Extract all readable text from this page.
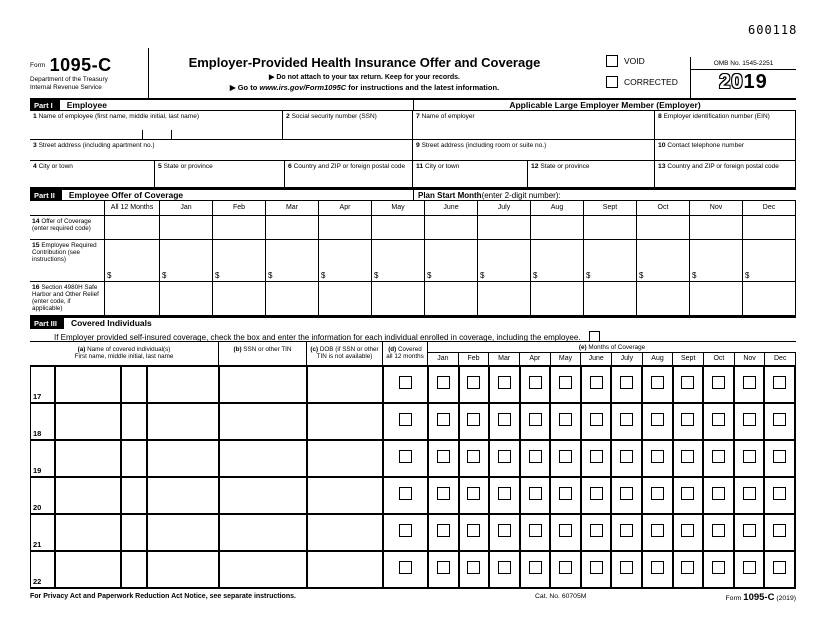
600118
$^{Form}$ 1095-C
Department of the Treasury
Internal Revenue Service
Employer-Provided Health Insurance Offer and Coverage
▶ Do not attach to your tax return. Keep for your records.
▶ Go to www.irs.gov/Form1095C for instructions and the latest information.
VOID
CORRECTED
OMB No. 1545-2251
2019
Part I	Employee	Applicable Large Employer Member (Employer)
1 Name of employee (first name, middle initial, last name)	2 Social security number (SSN)
3 Street address (including apartment no.)
4 City or town	5 State or province	6 Country and ZIP or foreign postal code
7 Name of employer	8 Employer identification number (EIN)
9 Street address (including room or suite no.)	10 Contact telephone number
11 City or town	12 State or province	13 Country and ZIP or foreign postal code
Part II	Employee Offer of Coverage	Plan Start Month (enter 2-digit number):
All 12 Months	Jan	Feb	Mar	Apr	May	June	July	Aug	Sept	Oct	Nov	Dec
14 Offer of Coverage (enter required code)
15 Employee Required Contribution (see instructions)
$	$	$	$	$	$	$	$	$	$	$	$	$
16 Section 4980H Safe Harbor and Other Relief (enter code, if applicable)
Part III	Covered Individuals
If Employer provided self-insured coverage, check the box and enter the information for each individual enrolled in coverage, including the employee.
(a) Name of covered individual(s)
First name, middle initial, last name
(b) SSN or other TIN	(c) DOB (if SSN or other
TIN is not available)
(d) Covered
all 12 months
(e) Months of Coverage
Jan	Feb	Mar	Apr	May	June	July	Aug	Sept	Oct	Nov	Dec
17
18
19
20
21
22
For Privacy Act and Paperwork Reduction Act Notice, see separate instructions.	Cat. No. 60705M	Form 1095-C (2019)
